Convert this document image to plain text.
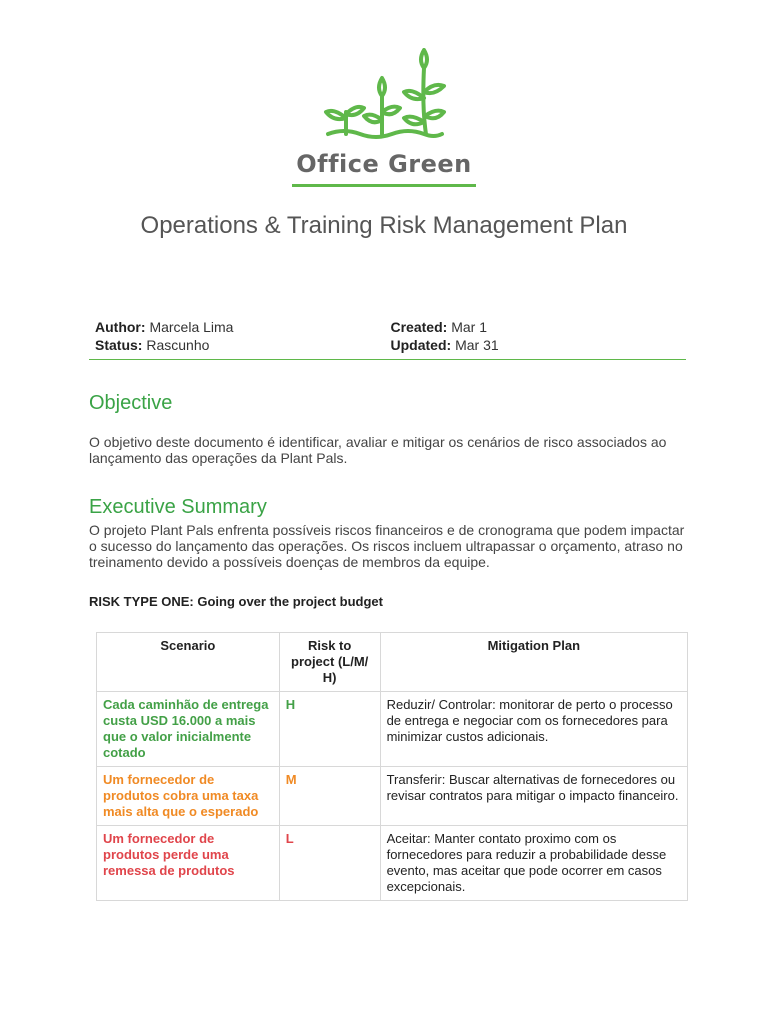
Office Green
Operations & Training Risk Management Plan
Author: Marcela Lima	Created: Mar 1
Status: Rascunho	Updated: Mar 31
Objective

O objetivo deste documento é identificar, avaliar e mitigar os cenários de risco associados ao lançamento das operações da Plant Pals.

Executive Summary

O projeto Plant Pals enfrenta possíveis riscos financeiros e de cronograma que podem impactar o sucesso do lançamento das operações. Os riscos incluem ultrapassar o orçamento, atraso no treinamento devido a possíveis doenças de membros da equipe.

RISK TYPE ONE: Going over the project budget

Scenario	Risk to project (L/M/ H)	Mitigation Plan
Cada caminhão de entrega custa USD 16.000 a mais que o valor inicialmente cotado	H	Reduzir/ Controlar: monitorar de perto o processo de entrega e negociar com os fornecedores para minimizar custos adicionais.
Um fornecedor de produtos cobra uma taxa mais alta que o esperado	M	Transferir: Buscar alternativas de fornecedores ou revisar contratos para mitigar o impacto financeiro.
Um fornecedor de produtos perde uma remessa de produtos	L	Aceitar: Manter contato proximo com os fornecedores para reduzir a probabilidade desse evento, mas aceitar que pode ocorrer em casos excepcionais.
